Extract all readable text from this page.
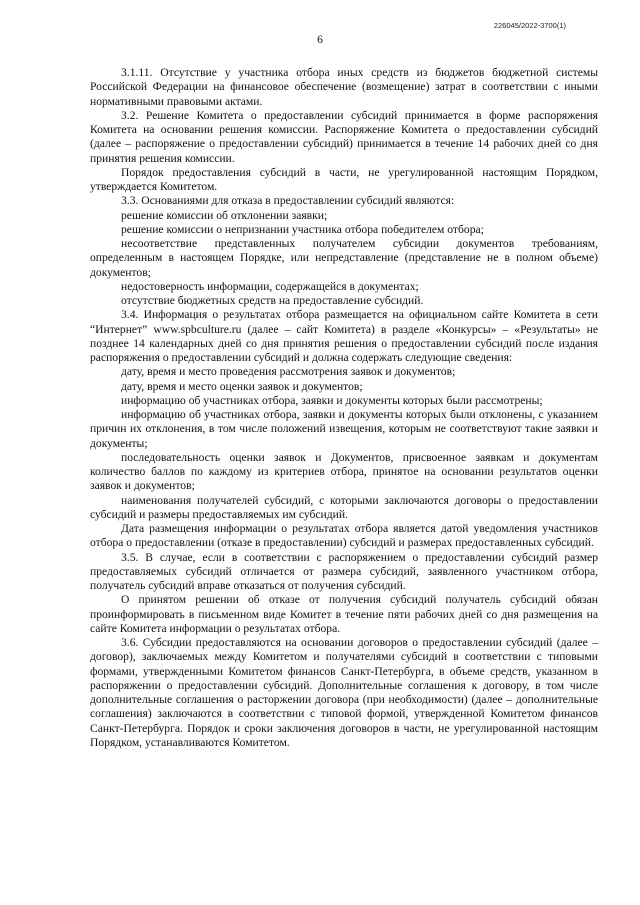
226045/2022-3700(1)
6

3.1.11. Отсутствие у участника отбора иных средств из бюджетов бюджетной системы Российской Федерации на финансовое обеспечение (возмещение) затрат в соответствии с иными нормативными правовыми актами.

3.2. Решение Комитета о предоставлении субсидий принимается в форме распоряжения Комитета на основании решения комиссии. Распоряжение Комитета о предоставлении субсидий (далее – распоряжение о предоставлении субсидий) принимается в течение 14 рабочих дней со дня принятия решения комиссии.

Порядок предоставления субсидий в части, не урегулированной настоящим Порядком, утверждается Комитетом.

3.3. Основаниями для отказа в предоставлении субсидий являются:

решение комиссии об отклонении заявки;

решение комиссии о непризнании участника отбора победителем отбора;

несоответствие представленных получателем субсидии документов требованиям, определенным в настоящем Порядке, или непредставление (представление не в полном объеме) документов;

недостоверность информации, содержащейся в документах;

отсутствие бюджетных средств на предоставление субсидий.

3.4. Информация о результатах отбора размещается на официальном сайте Комитета в сети “Интернет” www.spbculture.ru (далее – сайт Комитета) в разделе «Конкурсы» – «Результаты» не позднее 14 календарных дней со дня принятия решения о предоставлении субсидий после издания распоряжения о предоставлении субсидий и должна содержать следующие сведения:

дату, время и место проведения рассмотрения заявок и документов;

дату, время и место оценки заявок и документов;

информацию об участниках отбора, заявки и документы которых были рассмотрены;

информацию об участниках отбора, заявки и документы которых были отклонены, с указанием причин их отклонения, в том числе положений извещения, которым не соответствуют такие заявки и документы;

последовательность оценки заявок и Документов, присвоенное заявкам и документам количество баллов по каждому из критериев отбора, принятое на основании результатов оценки заявок и документов;

наименования получателей субсидий, с которыми заключаются договоры о предоставлении субсидий и размеры предоставляемых им субсидий.

Дата размещения информации о результатах отбора является датой уведомления участников отбора о предоставлении (отказе в предоставлении) субсидий и размерах предоставленных субсидий.

3.5. В случае, если в соответствии с распоряжением о предоставлении субсидий размер предоставляемых субсидий отличается от размера субсидий, заявленного участником отбора, получатель субсидий вправе отказаться от получения субсидий.

О принятом решении об отказе от получения субсидий получатель субсидий обязан проинформировать в письменном виде Комитет в течение пяти рабочих дней со дня размещения на сайте Комитета информации о результатах отбора.

3.6. Субсидии предоставляются на основании договоров о предоставлении субсидий (далее – договор), заключаемых между Комитетом и получателями субсидий в соответствии с типовыми формами, утвержденными Комитетом финансов Санкт-Петербурга, в объеме средств, указанном в распоряжении о предоставлении субсидий. Дополнительные соглашения к договору, в том числе дополнительные соглашения о расторжении договора (при необходимости) (далее – дополнительные соглашения) заключаются в соответствии с типовой формой, утвержденной Комитетом финансов Санкт-Петербурга. Порядок и сроки заключения договоров в части, не урегулированной настоящим Порядком, устанавливаются Комитетом.
